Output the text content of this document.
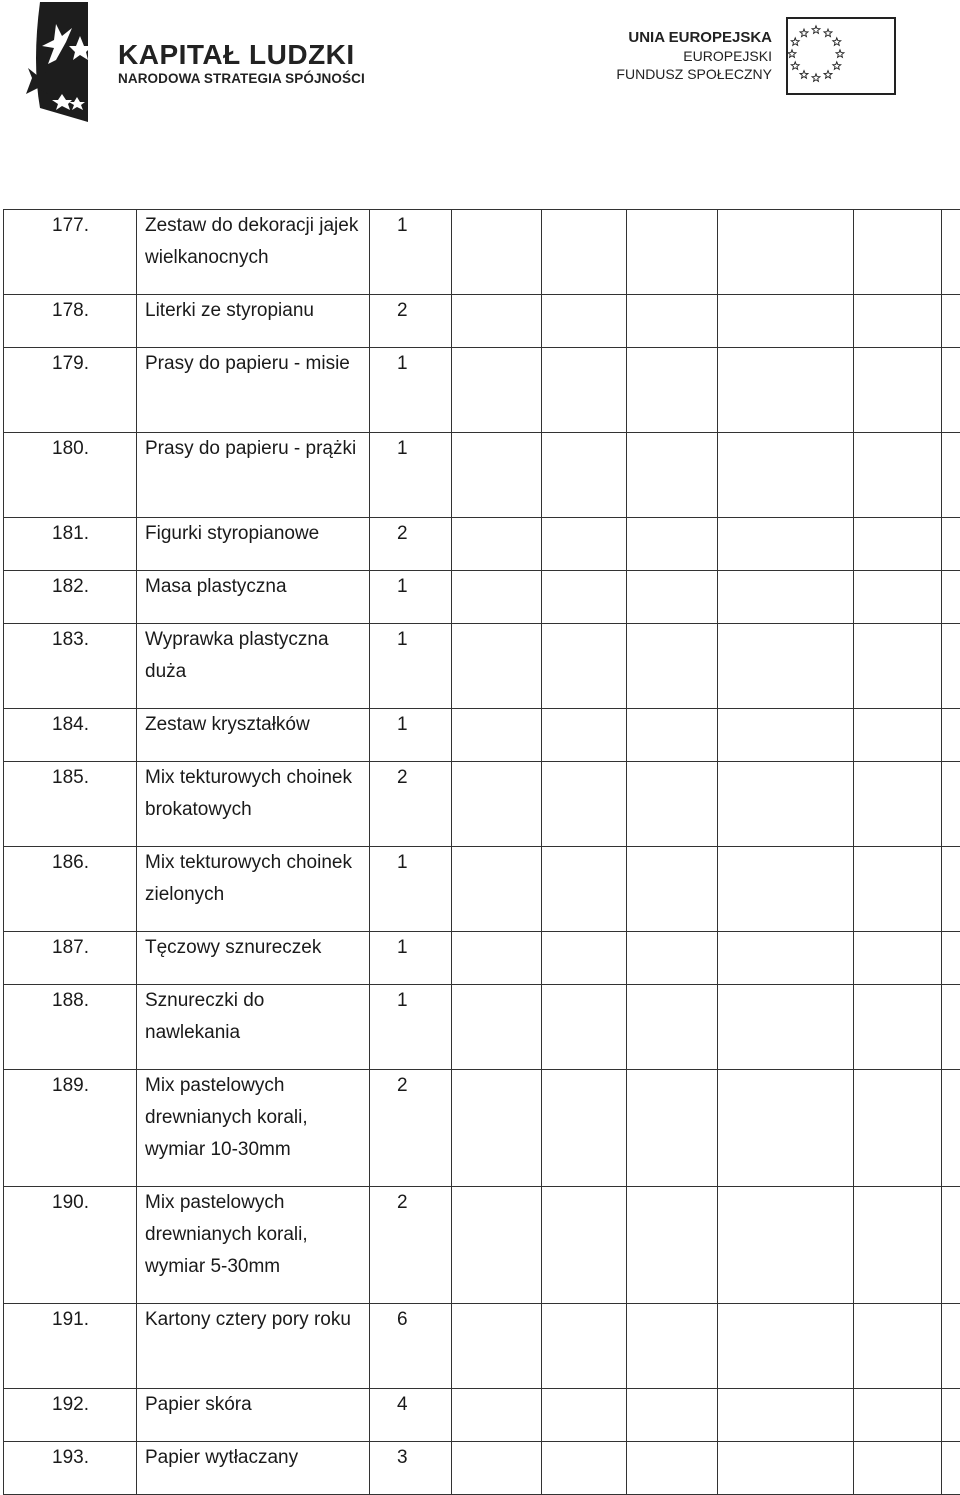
KAPITAŁ LUDZKI
NARODOWA STRATEGIA SPÓJNOŚCI
UNIA EUROPEJSKA
EUROPEJSKI
FUNDUSZ SPOŁECZNY
177.	Zestaw do dekoracji jajek wielkanocnych	1						
178.	Literki ze styropianu	2						
179.	Prasy do papieru - misie	1						
180.	Prasy do papieru - prążki	1						
181.	Figurki styropianowe	2						
182.	Masa plastyczna	1						
183.	Wyprawka plastyczna duża	1						
184.	Zestaw kryształków	1						
185.	Mix tekturowych choinek brokatowych	2						
186.	Mix tekturowych choinek zielonych	1						
187.	Tęczowy sznureczek	1						
188.	Sznureczki do nawlekania	1						
189.	Mix pastelowych drewnianych korali, wymiar 10-30mm	2						
190.	Mix pastelowych drewnianych korali, wymiar 5-30mm	2						
191.	Kartony cztery pory roku	6						
192.	Papier skóra	4						
193.	Papier wytłaczany	3						
